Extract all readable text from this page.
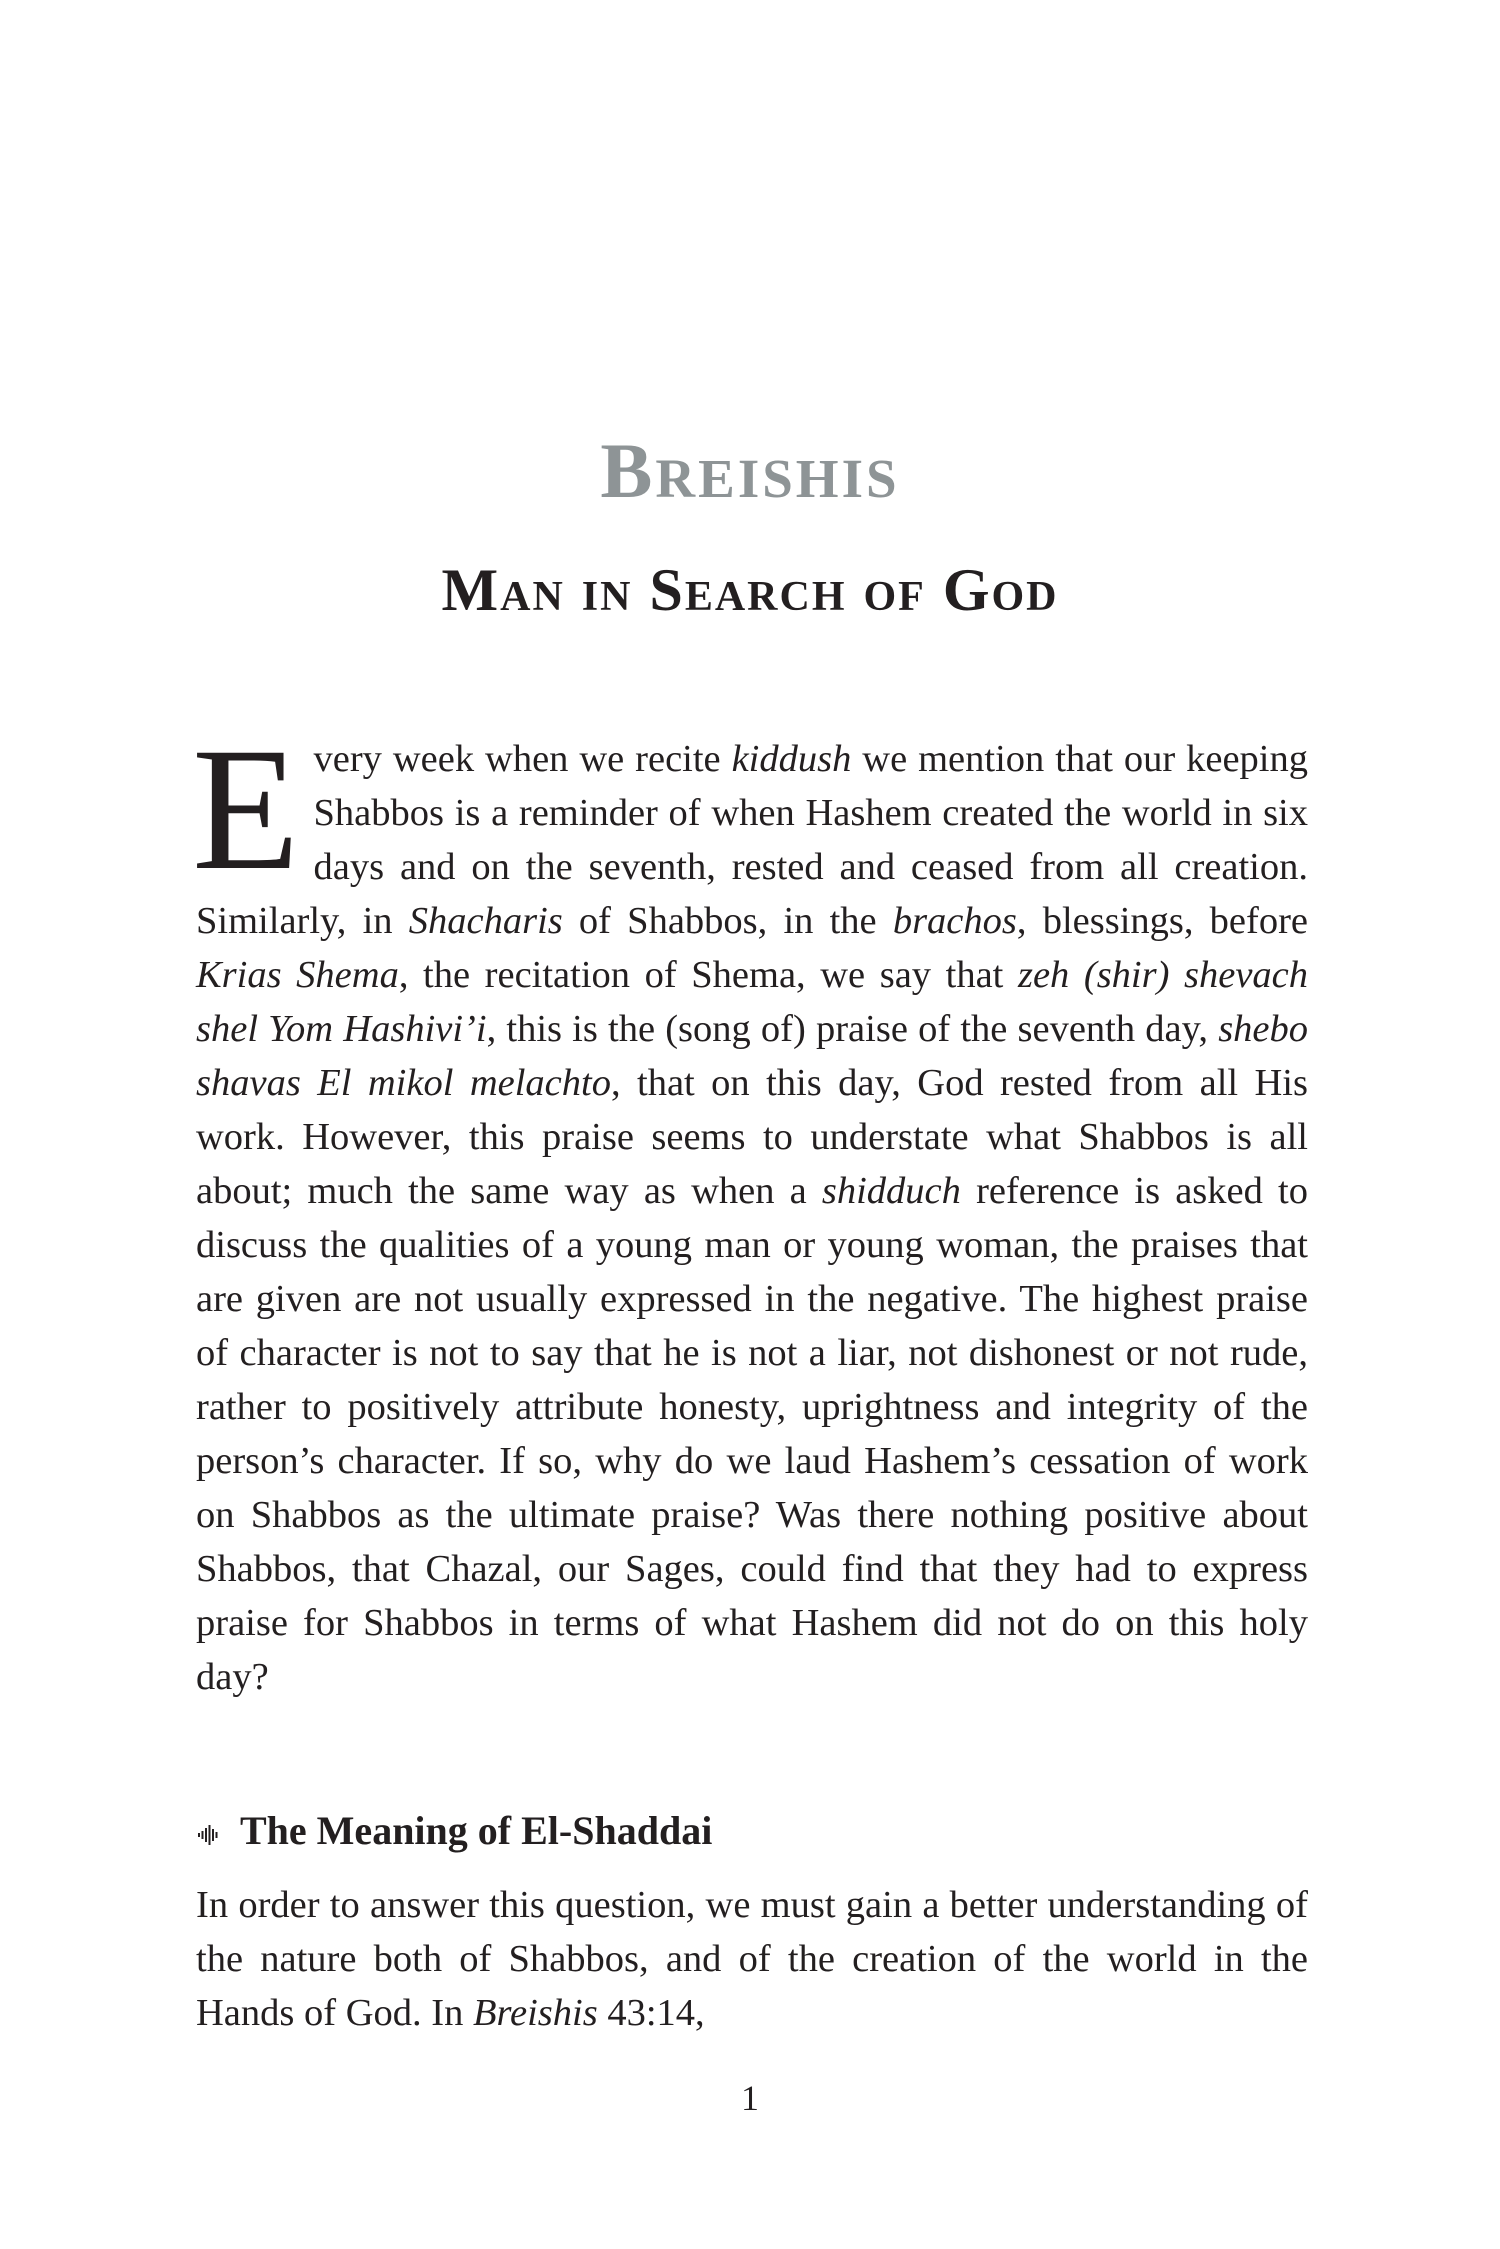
Breishis
Man in Search of God

Every week when we recite kiddush we mention that our keeping Shabbos is a reminder of when Hashem created the world in six days and on the seventh, rested and ceased from all creation. Similarly, in Shacharis of Shabbos, in the brachos, blessings, before Krias Shema, the recitation of Shema, we say that zeh (shir) shevach shel Yom Hashivi’i, this is the (song of) praise of the seventh day, shebo shavas El mikol melachto, that on this day, God rested from all His work. However, this praise seems to understate what Shabbos is all about; much the same way as when a shidduch reference is asked to discuss the qualities of a young man or young woman, the praises that are given are not usually expressed in the negative. The highest praise of character is not to say that he is not a liar, not dishonest or not rude, rather to positively attribute honesty, uprightness and integrity of the person’s character. If so, why do we laud Hashem’s cessation of work on Shabbos as the ultimate praise? Was there nothing positive about Shabbos, that Chazal, our Sages, could find that they had to express praise for Shabbos in terms of what Hashem did not do on this holy day?

The Meaning of El-Shaddai

In order to answer this question, we must gain a better understanding of the nature both of Shabbos, and of the creation of the world in the Hands of God. In Breishis 43:14,

1
